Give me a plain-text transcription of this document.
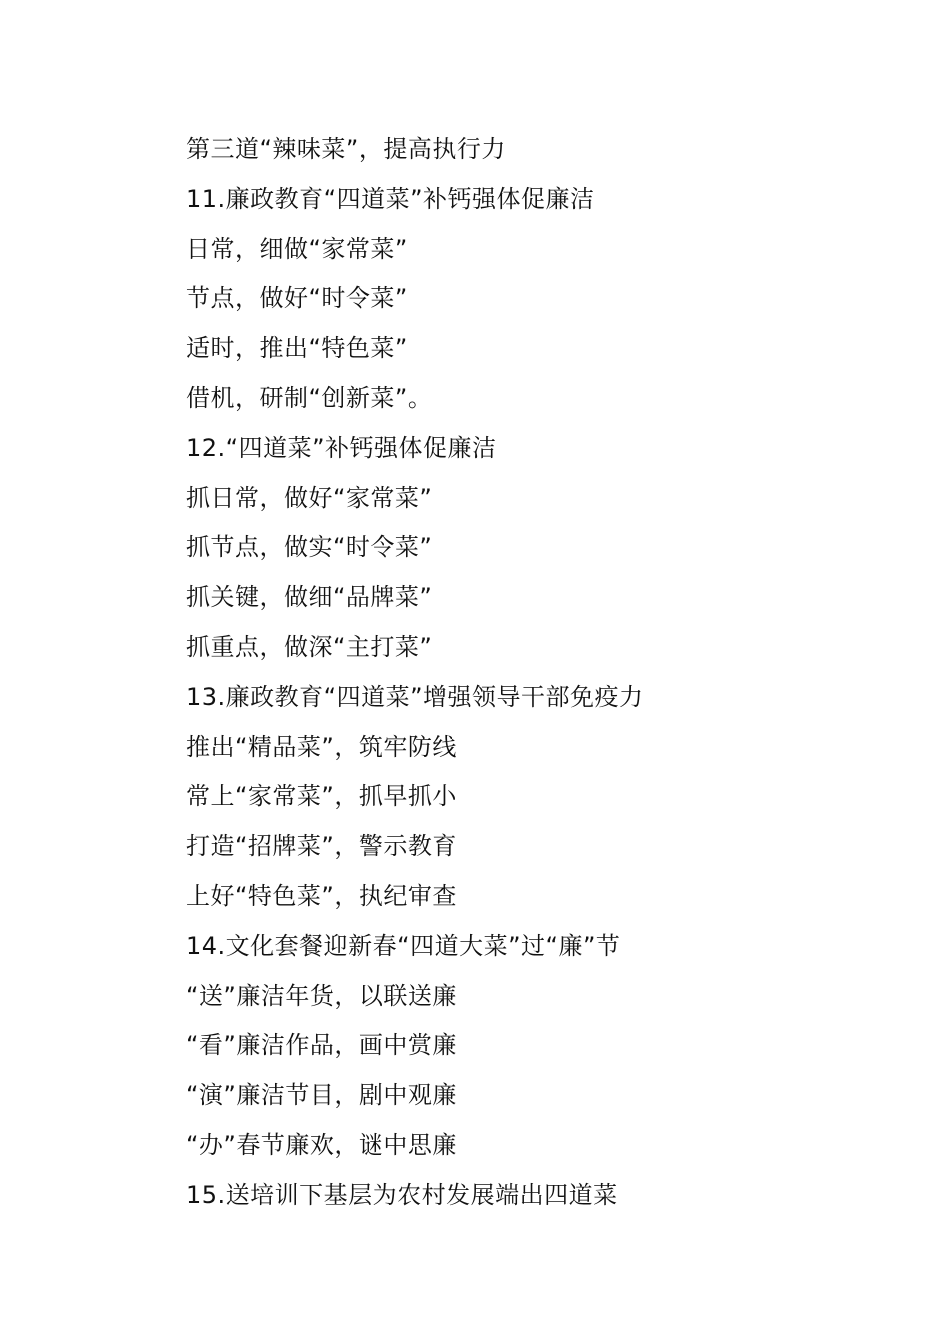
第三道“辣味菜”，提高执行力
11.廉政教育“四道菜”补钙强体促廉洁
日常，细做“家常菜”
节点，做好“时令菜”
适时，推出“特色菜”
借机，研制“创新菜”。
12.“四道菜”补钙强体促廉洁
抓日常，做好“家常菜”
抓节点，做实“时令菜”
抓关键，做细“品牌菜”
抓重点，做深“主打菜”
13.廉政教育“四道菜”增强领导干部免疫力
推出“精品菜”，筑牢防线
常上“家常菜”，抓早抓小
打造“招牌菜”，警示教育
上好“特色菜”，执纪审查
14.文化套餐迎新春“四道大菜”过“廉”节
“送”廉洁年货，以联送廉
“看”廉洁作品，画中赏廉
“演”廉洁节目，剧中观廉
“办”春节廉欢，谜中思廉
15.送培训下基层为农村发展端出四道菜
